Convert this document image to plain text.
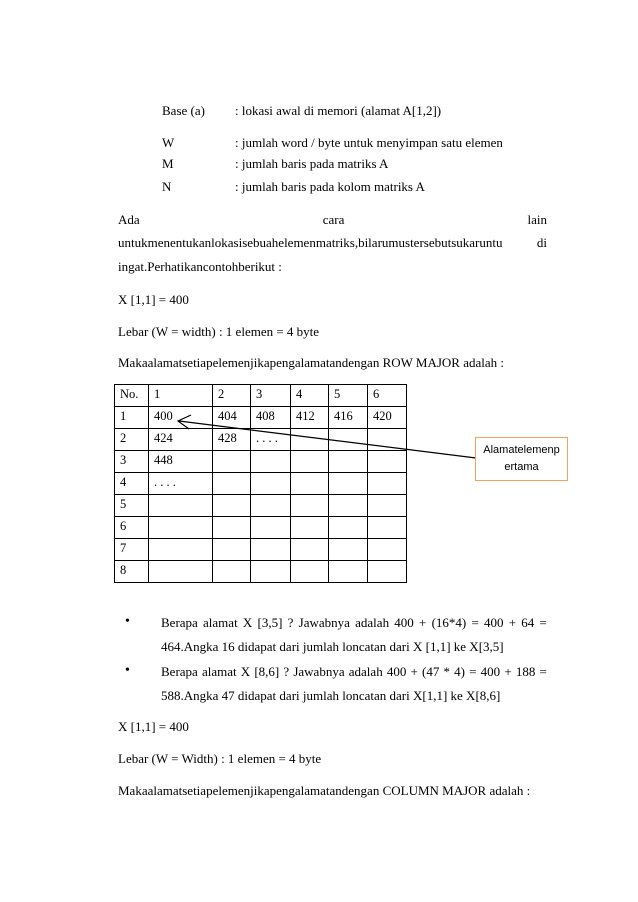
Base (a) : lokasi awal di memori (alamat A[1,2])
W	: jumlah word / byte untuk menyimpan satu elemen
M	: jumlah baris pada matriks A
N	: jumlah baris pada kolom matriks A
Ada	cara	lain
untukmenentukanlokasisebuahelemenmatriks,bilarumustersebutsukaruntu	di
ingat.Perhatikancontohberikut :
X [1,1] = 400
Lebar (W = width) : 1 elemen = 4 byte
Makaalamatsetiapelemenjikapengalamatandengan ROW MAJOR adalah :
No.	1	2	3	4	5	6
1	400	404	408	412	416	420
2	424	428	. . . .			
3	448					
4	. . . .					
5						
6						
7						
8						
Alamatelemenp
ertama
• Berapa alamat X [3,5] ? Jawabnya adalah 400 + (16*4) = 400 + 64 =
464.Angka 16 didapat dari jumlah loncatan dari X [1,1] ke X[3,5]
• Berapa alamat X [8,6] ? Jawabnya adalah 400 + (47 * 4) = 400 + 188 =
588.Angka 47 didapat dari jumlah loncatan dari X[1,1] ke X[8,6]
X [1,1] = 400
Lebar (W = Width) : 1 elemen = 4 byte
Makaalamatsetiapelemenjikapengalamatandengan COLUMN MAJOR adalah :
